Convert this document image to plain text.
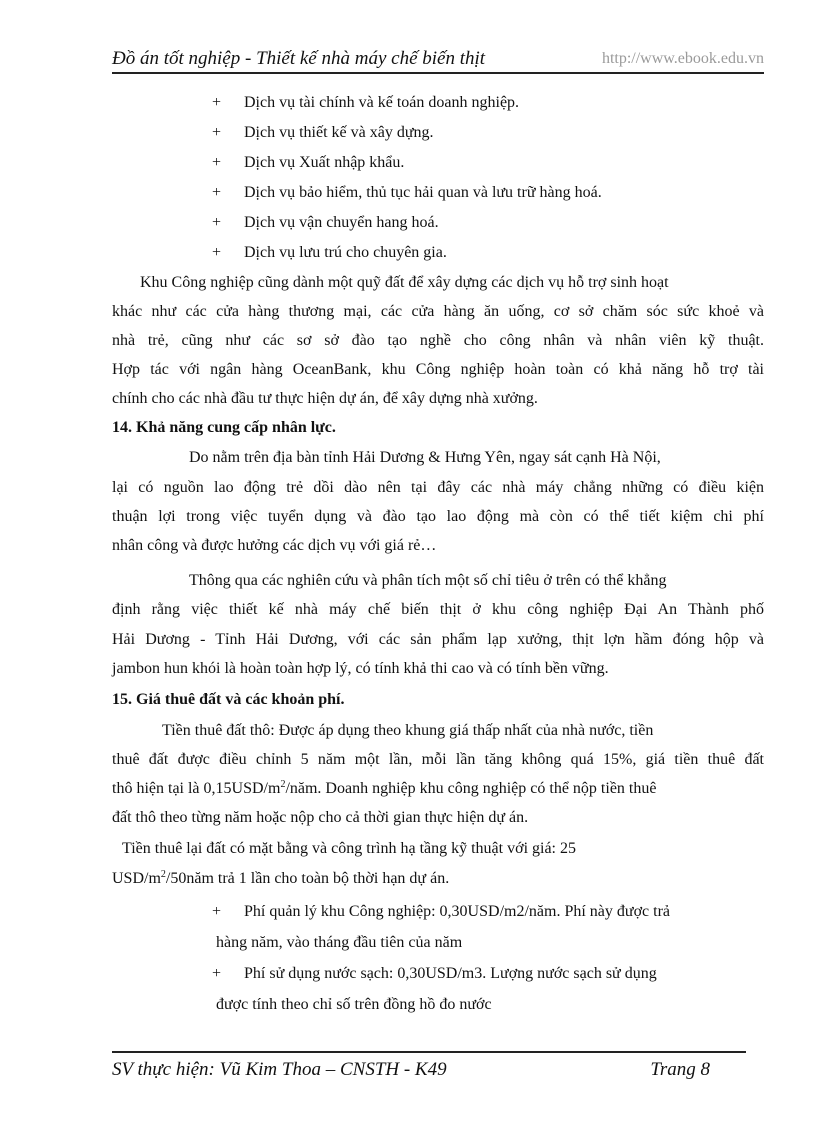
Đồ án tốt nghiệp - Thiết kế nhà máy chế biến thịt	http://www.ebook.edu.vn
+ Dịch vụ tài chính và kế toán doanh nghiệp.
+ Dịch vụ thiết kế và xây dựng.
+ Dịch vụ Xuất nhập khẩu.
+ Dịch vụ bảo hiểm, thủ tục hải quan và lưu trữ hàng hoá.
+ Dịch vụ vận chuyển hang hoá.
+ Dịch vụ lưu trú cho chuyên gia.
Khu Công nghiệp cũng dành một quỹ đất để xây dựng các dịch vụ hỗ trợ sinh hoạt
khác như các cửa hàng thương mại, các cửa hàng ăn uống, cơ sở chăm sóc sức khoẻ và
nhà trẻ, cũng như các sơ sở đào tạo nghề cho công nhân và nhân viên kỹ thuật.
Hợp tác với ngân hàng OceanBank, khu Công nghiệp hoàn toàn có khả năng hỗ trợ tài
chính cho các nhà đầu tư thực hiện dự án, để xây dựng nhà xưởng.
14. Khả năng cung cấp nhân lực.
Do nằm trên địa bàn tỉnh Hải Dương & Hưng Yên, ngay sát cạnh Hà Nội,
lại có nguồn lao động trẻ dồi dào nên tại đây các nhà máy chẳng những có điều kiện
thuận lợi trong việc tuyển dụng và đào tạo lao động mà còn có thể tiết kiệm chi phí
nhân công và được hưởng các dịch vụ với giá rẻ…
Thông qua các nghiên cứu và phân tích một số chỉ tiêu ở trên có thể khẳng
định rằng việc thiết kế nhà máy chế biến thịt ở khu công nghiệp Đại An Thành phố
Hải Dương - Tỉnh Hải Dương, với các sản phẩm lạp xưởng, thịt lợn hầm đóng hộp và
jambon hun khói là hoàn toàn hợp lý, có tính khả thi cao và có tính bền vững.
15. Giá thuê đất và các khoản phí.
Tiền thuê đất thô: Được áp dụng theo khung giá thấp nhất của nhà nước, tiền
thuê đất được điều chỉnh 5 năm một lần, mỗi lần tăng không quá 15%, giá tiền thuê đất
thô hiện tại là $0,15USD/m^2$/năm. Doanh nghiệp khu công nghiệp có thể nộp tiền thuê
đất thô theo từng năm hoặc nộp cho cả thời gian thực hiện dự án.
Tiền thuê lại đất có mặt bằng và công trình hạ tầng kỹ thuật với giá: 25
USD/$m^2/50năm$ trả 1 lần cho toàn bộ thời hạn dự án.
+ Phí quản lý khu Công nghiệp: 0,30USD/m2/năm. Phí này được trả
hàng năm, vào tháng đầu tiên của năm
+ Phí sử dụng nước sạch: 0,30USD/m3. Lượng nước sạch sử dụng
được tính theo chỉ số trên đồng hồ đo nước
SV thực hiện: Vũ Kim Thoa – CNSTH - K49	Trang 8
